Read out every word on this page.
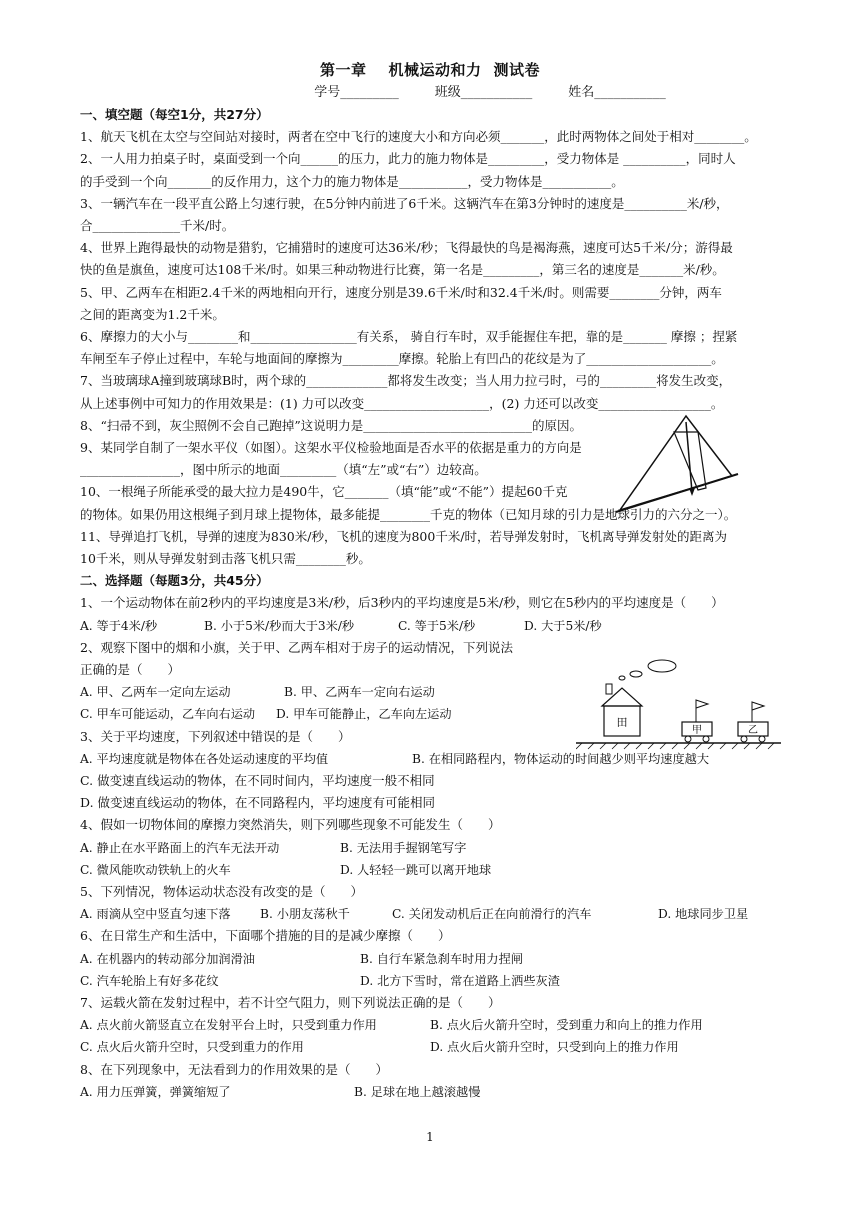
第一章 机械运动和力 测试卷
学号_________	班级___________	姓名___________
一、填空题（每空1分，共27分）
1、航天飞机在太空与空间站对接时，两者在空中飞行的速度大小和方向必须_______，此时两物体之间处于相对________。
2、一人用力拍桌子时，桌面受到一个向______的压力，此力的施力物体是_________，受力物体是 __________，同时人
的手受到一个向_______的反作用力，这个力的施力物体是___________，受力物体是___________。
3、一辆汽车在一段平直公路上匀速行驶，在5分钟内前进了6千米。这辆汽车在第3分钟时的速度是__________米/秒，
合______________千米/时。
4、世界上跑得最快的动物是猎豹，它捕猎时的速度可达36米/秒；飞得最快的鸟是褐海燕，速度可达5千米/分；游得最
快的鱼是旗鱼，速度可达108千米/时。如果三种动物进行比赛，第一名是_________，第三名的速度是_______米/秒。
5、甲、乙两车在相距2.4千米的两地相向开行，速度分别是39.6千米/时和32.4千米/时。则需要________分钟，两车
之间的距离变为1.2千米。
6、摩擦力的大小与________和_________________有关系， 骑自行车时，双手能握住车把，靠的是_______ 摩擦 ；捏紧
车闸至车子停止过程中，车轮与地面间的摩擦为_________摩擦。轮胎上有凹凸的花纹是为了____________________。
7、当玻璃球A撞到玻璃球B时，两个球的_____________都将发生改变；当人用力拉弓时，弓的_________将发生改变，
从上述事例中可知力的作用效果是：(1) 力可以改变____________________，(2) 力还可以改变__________________。
8、“扫帚不到，灰尘照例不会自己跑掉”这说明力是___________________________的原因。
9、某同学自制了一架水平仪（如图）。这架水平仪检验地面是否水平的依据是重力的方向是
________________，图中所示的地面_________（填“左”或“右”）边较高。
10、一根绳子所能承受的最大拉力是490牛，它_______（填“能”或“不能”）提起60千克
的物体。如果仍用这根绳子到月球上提物体，最多能提________千克的物体（已知月球的引力是地球引力的六分之一）。
11、导弹追打飞机，导弹的速度为830米/秒，飞机的速度为800千米/时，若导弹发射时，飞机离导弹发射处的距离为
10千米，则从导弹发射到击落飞机只需________秒。
二、选择题（每题3分，共45分）
1、一个运动物体在前2秒内的平均速度是3米/秒，后3秒内的平均速度是5米/秒，则它在5秒内的平均速度是（　　）
A. 等于4米/秒	B. 小于5米/秒而大于3米/秒	C. 等于5米/秒	D. 大于5米/秒
2、观察下图中的烟和小旗，关于甲、乙两车相对于房子的运动情况，下列说法
正确的是（　　）
A. 甲、乙两车一定向左运动	B. 甲、乙两车一定向右运动
C. 甲车可能运动，乙车向右运动 D. 甲车可能静止，乙车向左运动
3、关于平均速度，下列叙述中错误的是（　　）
A. 平均速度就是物体在各处运动速度的平均值	B. 在相同路程内，物体运动的时间越少则平均速度越大
C. 做变速直线运动的物体，在不同时间内，平均速度一般不相同
D. 做变速直线运动的物体，在不同路程内，平均速度有可能相同
4、假如一切物体间的摩擦力突然消失，则下列哪些现象不可能发生（　　）
A. 静止在水平路面上的汽车无法开动	B. 无法用手握钢笔写字
C. 微风能吹动铁轨上的火车	D. 人轻轻一跳可以离开地球
5、下列情况，物体运动状态没有改变的是（　　）
A. 雨滴从空中竖直匀速下落 B. 小朋友荡秋千	C. 关闭发动机后正在向前滑行的汽车	D. 地球同步卫星
6、在日常生产和生活中，下面哪个措施的目的是减少摩擦（　　）
A. 在机器内的转动部分加润滑油	B. 自行车紧急刹车时用力捏闸
C. 汽车轮胎上有好多花纹	D. 北方下雪时，常在道路上洒些灰渣
7、运载火箭在发射过程中，若不计空气阻力，则下列说法正确的是（　　）
A. 点火前火箭竖直立在发射平台上时，只受到重力作用	B. 点火后火箭升空时，受到重力和向上的推力作用
C. 点火后火箭升空时，只受到重力的作用	D. 点火后火箭升空时，只受到向上的推力作用
8、在下列现象中，无法看到力的作用效果的是（　　）
A. 用力压弹簧，弹簧缩短了	B. 足球在地上越滚越慢
田
甲	乙
1
